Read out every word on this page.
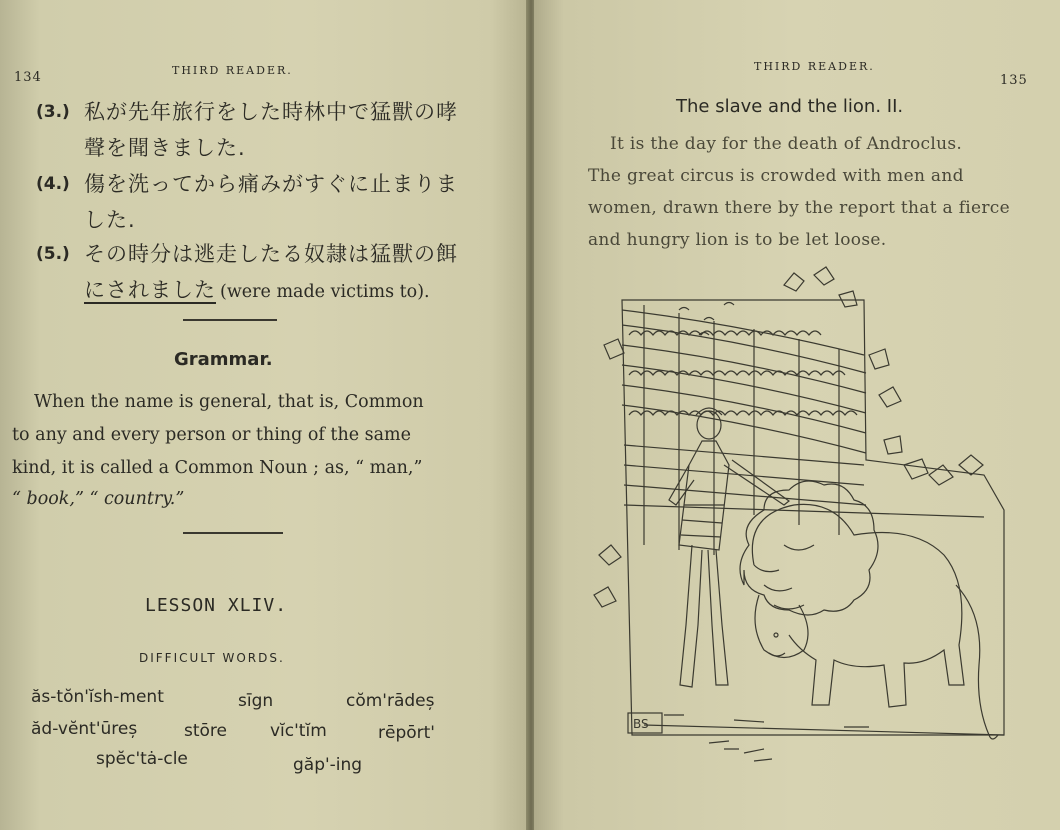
134	THIRD READER.
(3.) 私が先年旅行をした時林中で猛獸の哮
聲を聞きました.
(4.) 傷を洗ってから痛みがすぐに止まりま
した.
(5.) その時分は逃走したる奴隷は猛獸の餌
にされました (were made victims to).
Grammar.
When the name is general, that is, Common
to any and every person or thing of the same
kind, it is called a Common Noun ; as, “ man,”
“ book,” “ country.”
LESSON XLIV.
DIFFICULT WORDS.
ăs-tŏn'ĭsh-ment	sīgn	cŏm'rādeș
ăd-vĕnt'ūreș	stōre	vĭc'tĭm	rēpōrt'
spĕc'tȧ-cle	găp'-ing
THIRD READER.
135
The slave and the lion. II.
It is the day for the death of Androclus.
The great circus is crowded with men and
women, drawn there by the report that a fierce
and hungry lion is to be let loose.
BS
